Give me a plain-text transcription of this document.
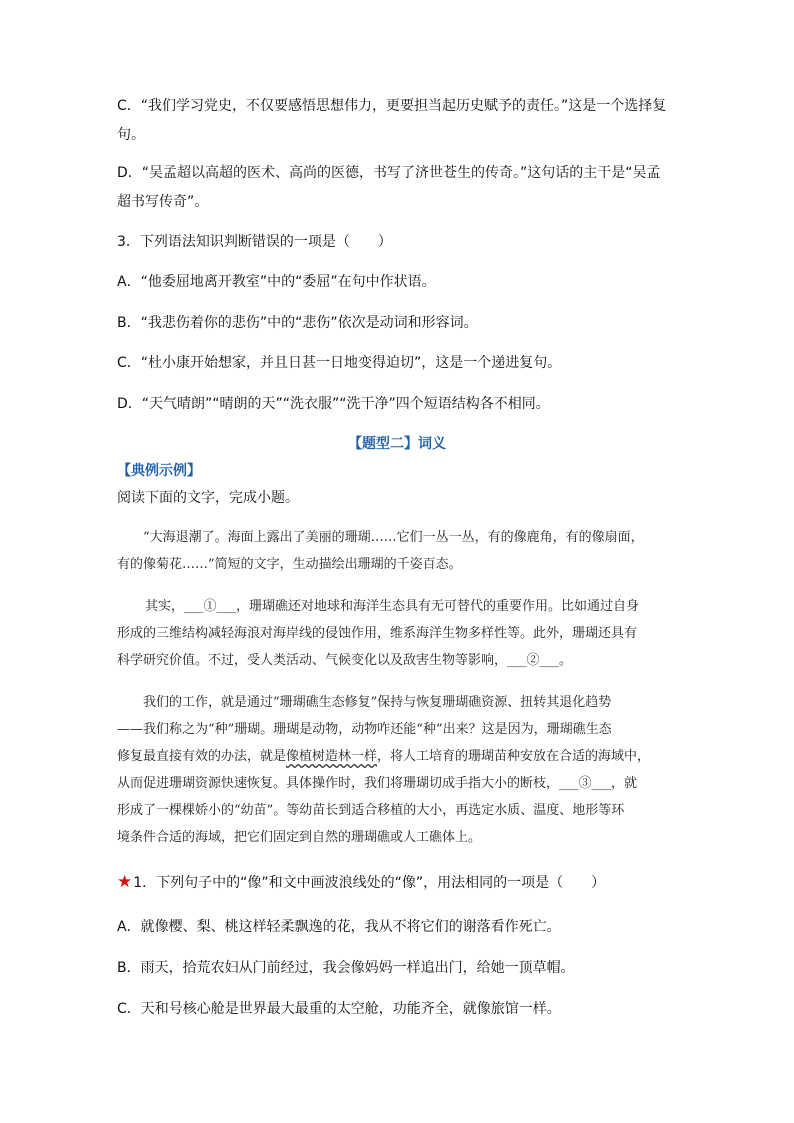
C．“我们学习党史，不仅要感悟思想伟力，更要担当起历史赋予的责任。”这是一个选择复
句。
D．“吴孟超以高超的医术、高尚的医德，书写了济世苍生的传奇。”这句话的主干是“吴孟
超书写传奇”。
3．下列语法知识判断错误的一项是（　　）
A．“他委屈地离开教室”中的“委屈”在句中作状语。
B．“我悲伤着你的悲伤”中的“悲伤”依次是动词和形容词。
C．“杜小康开始想家，并且日甚一日地变得迫切”，这是一个递进复句。
D．“天气晴朗”“晴朗的天”“洗衣服”“洗干净”四个短语结构各不相同。
【题型二】词义
【典例示例】
阅读下面的文字，完成小题。
“大海退潮了。海面上露出了美丽的珊瑚……它们一丛一丛，有的像鹿角，有的像扇面，
有的像菊花……”简短的文字，生动描绘出珊瑚的千姿百态。
其实，___①___，珊瑚礁还对地球和海洋生态具有无可替代的重要作用。比如通过自身
形成的三维结构减轻海浪对海岸线的侵蚀作用，维系海洋生物多样性等。此外，珊瑚还具有
科学研究价值。不过，受人类活动、气候变化以及敌害生物等影响，___②___。
我们的工作，就是通过“珊瑚礁生态修复”保持与恢复珊瑚礁资源、扭转其退化趋势
——我们称之为“种”珊瑚。珊瑚是动物，动物咋还能“种”出来？这是因为，珊瑚礁生态
修复最直接有效的办法，就是像植树造林一样，将人工培育的珊瑚苗种安放在合适的海域中，
从而促进珊瑚资源快速恢复。具体操作时，我们将珊瑚切成手指大小的断枝，___③___，就
形成了一棵棵娇小的“幼苗”。等幼苗长到适合移植的大小，再选定水质、温度、地形等环
境条件合适的海域，把它们固定到自然的珊瑚礁或人工礁体上。
★1．下列句子中的“像”和文中画波浪线处的“像”，用法相同的一项是（　　）
A．就像樱、梨、桃这样轻柔飘逸的花，我从不将它们的谢落看作死亡。
B．雨天，拾荒农妇从门前经过，我会像妈妈一样追出门，给她一顶草帽。
C．天和号核心舱是世界最大最重的太空舱，功能齐全，就像旅馆一样。
